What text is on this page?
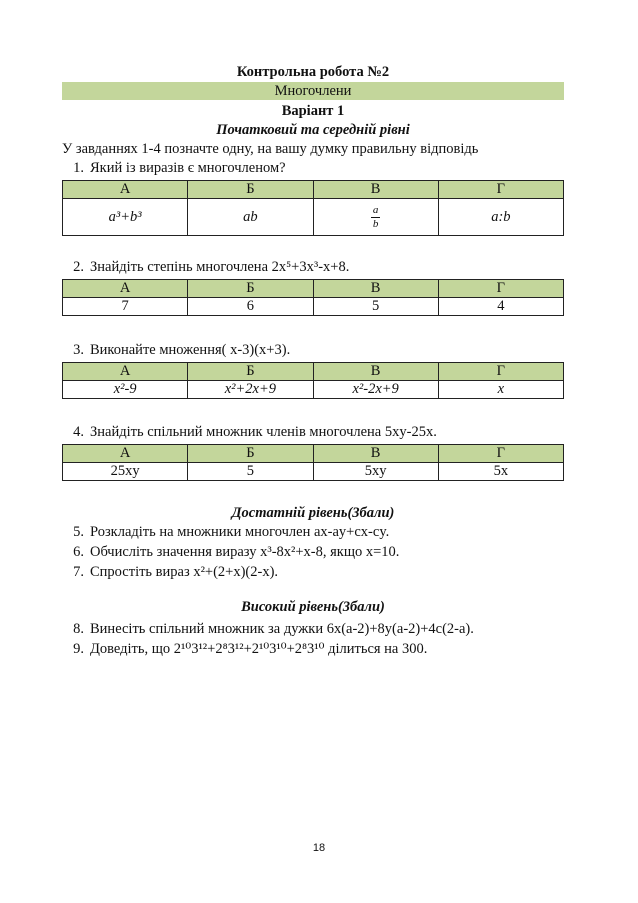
Контрольна робота №2
Многочлени
Варіант 1
Початковий та середній рівні
У завданнях 1-4 позначте одну, на вашу думку правильну відповідь
1. Який із виразів є многочленом?
А	Б	В	Г
a³+b³	ab	$\frac{a}{b}$	a:b
2. Знайдіть степінь многочлена 2x⁵+3x³-x+8.
А	Б	В	Г
7	6	5	4
3. Виконайте множення( x-3)(x+3).
А	Б	В	Г
x²-9	x²+2x+9	x²-2x+9	x
4. Знайдіть спільний множник членів многочлена 5xy-25x.
А	Б	В	Г
25xy	5	5xy	5x
Достатній рівень(3бали)
5. Розкладіть на множники многочлен ax-ay+cx-cy.
6. Обчисліть значення виразу x³-8x²+x-8, якщо x=10.
7. Спростіть вираз x²+(2+x)(2-x).
Високий рівень(3бали)
8. Винесіть спільний множник за дужки 6x(a-2)+8y(a-2)+4c(2-a).
9. Доведіть, що 2¹⁰3¹²+2⁸3¹²+2¹⁰3¹⁰+2⁸3¹⁰ ділиться на 300.
18
